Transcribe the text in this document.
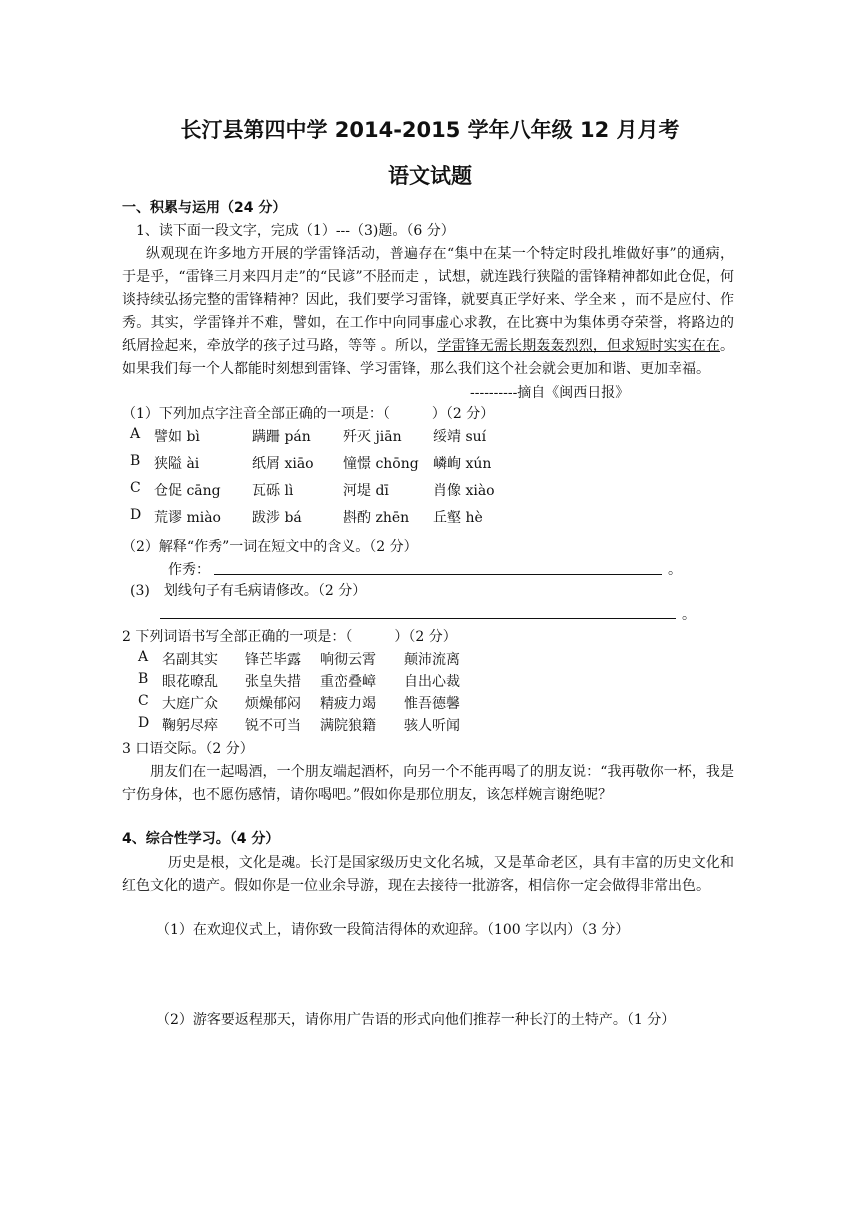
长汀县第四中学 2014-2015 学年八年级 12 月月考
语文试题
一、积累与运用（24 分）
1、读下面一段文字，完成（1）---（3)题。（6 分）
纵观现在许多地方开展的学雷锋活动，普遍存在“集中在某一个特定时段扎堆做好事”的通病，于是乎，“雷锋三月来四月走”的“民谚”不胫而走 ，试想，就连践行狭隘的雷锋精神都如此仓促，何谈持续弘扬完整的雷锋精神？因此，我们要学习雷锋，就要真正学好来、学全来 ，而不是应付、作秀。其实，学雷锋并不难，譬如，在工作中向同事虚心求教，在比赛中为集体勇夺荣誉，将路边的纸屑捡起来，牵放学的孩子过马路，等等 。所以，学雷锋无需长期轰轰烈烈，但求短时实实在在。如果我们每一个人都能时刻想到雷锋、学习雷锋，那么我们这个社会就会更加和谐、更加幸福。
----------摘自《闽西日报》
（1）下列加点字注音全部正确的一项是：（　　　）（2 分）
A 譬如 bì	蹒跚 pán 歼灭 jiān 绥靖 suí
B 狭隘 ài	纸屑 xiāo 憧憬 chōng 嶙峋 xún
C 仓促 cāng 瓦砾 lì	河堤 dī	肖像 xiào
D 荒谬 miào 跋涉 bá	斟酌 zhēn 丘壑 hè
（2）解释“作秀”一词在短文中的含义。（2 分）
作秀：	。
(3)　划线句子有毛病请修改。（2 分）
。
2 下列词语书写全部正确的一项是：（　　　）（2 分）
A 名副其实 锋芒毕露 响彻云霄 颠沛流离
B 眼花暸乱 张皇失措 重峦叠嶂 自出心裁
C 大庭广众 烦燥郁闷 精疲力竭 惟吾德馨
D 鞠躬尽瘁 锐不可当 满院狼籍 骇人听闻
3 口语交际。（2 分）
朋友们在一起喝酒，一个朋友端起酒杯，向另一个不能再喝了的朋友说：“我再敬你一杯，我是宁伤身体，也不愿伤感情，请你喝吧。”假如你是那位朋友，该怎样婉言谢绝呢？
4、综合性学习。（4 分）
历史是根，文化是魂。长汀是国家级历史文化名城，又是革命老区，具有丰富的历史文化和红色文化的遗产。假如你是一位业余导游，现在去接待一批游客，相信你一定会做得非常出色。
（1）在欢迎仪式上，请你致一段简洁得体的欢迎辞。（100 字以内）（3 分）
（2）游客要返程那天，请你用广告语的形式向他们推荐一种长汀的土特产。（1 分）
